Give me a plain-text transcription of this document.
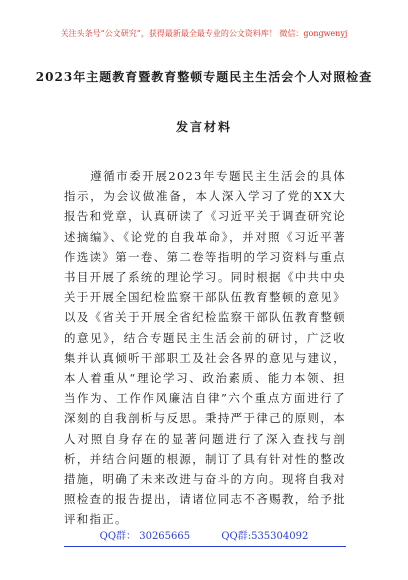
关注头条号“公文研究”，获得最新最全最专业的公文资料库！ 微信：gongwenyj
2023年主题教育暨教育整顿专题民主生活会个人对照检查
发言材料

遵循市委开展2023年专题民主生活会的具体指示，为会议做准备，本人深入学习了党的XX大报告和党章，认真研读了《习近平关于调查研究论述摘编》、《论党的自我革命》，并对照《习近平著作选读》第一卷、第二卷等指明的学习资料与重点书目开展了系统的理论学习。同时根据《中共中央关于开展全国纪检监察干部队伍教育整顿的意见》以及《省关于开展全省纪检监察干部队伍教育整顿的意见》，结合专题民主生活会前的研讨，广泛收集并认真倾听干部职工及社会各界的意见与建议，本人着重从“理论学习、政治素质、能力本领、担当作为、工作作风廉洁自律”六个重点方面进行了深刻的自我剖析与反思。秉持严于律己的原则，本人对照自身存在的显著问题进行了深入查找与剖析，并结合问题的根源，制订了具有针对性的整改措施，明确了未来改进与奋斗的方向。现将自我对照检查的报告提出，请诸位同志不吝赐教，给予批评和指正。

QQ群： 30265665	QQ群:535304092
